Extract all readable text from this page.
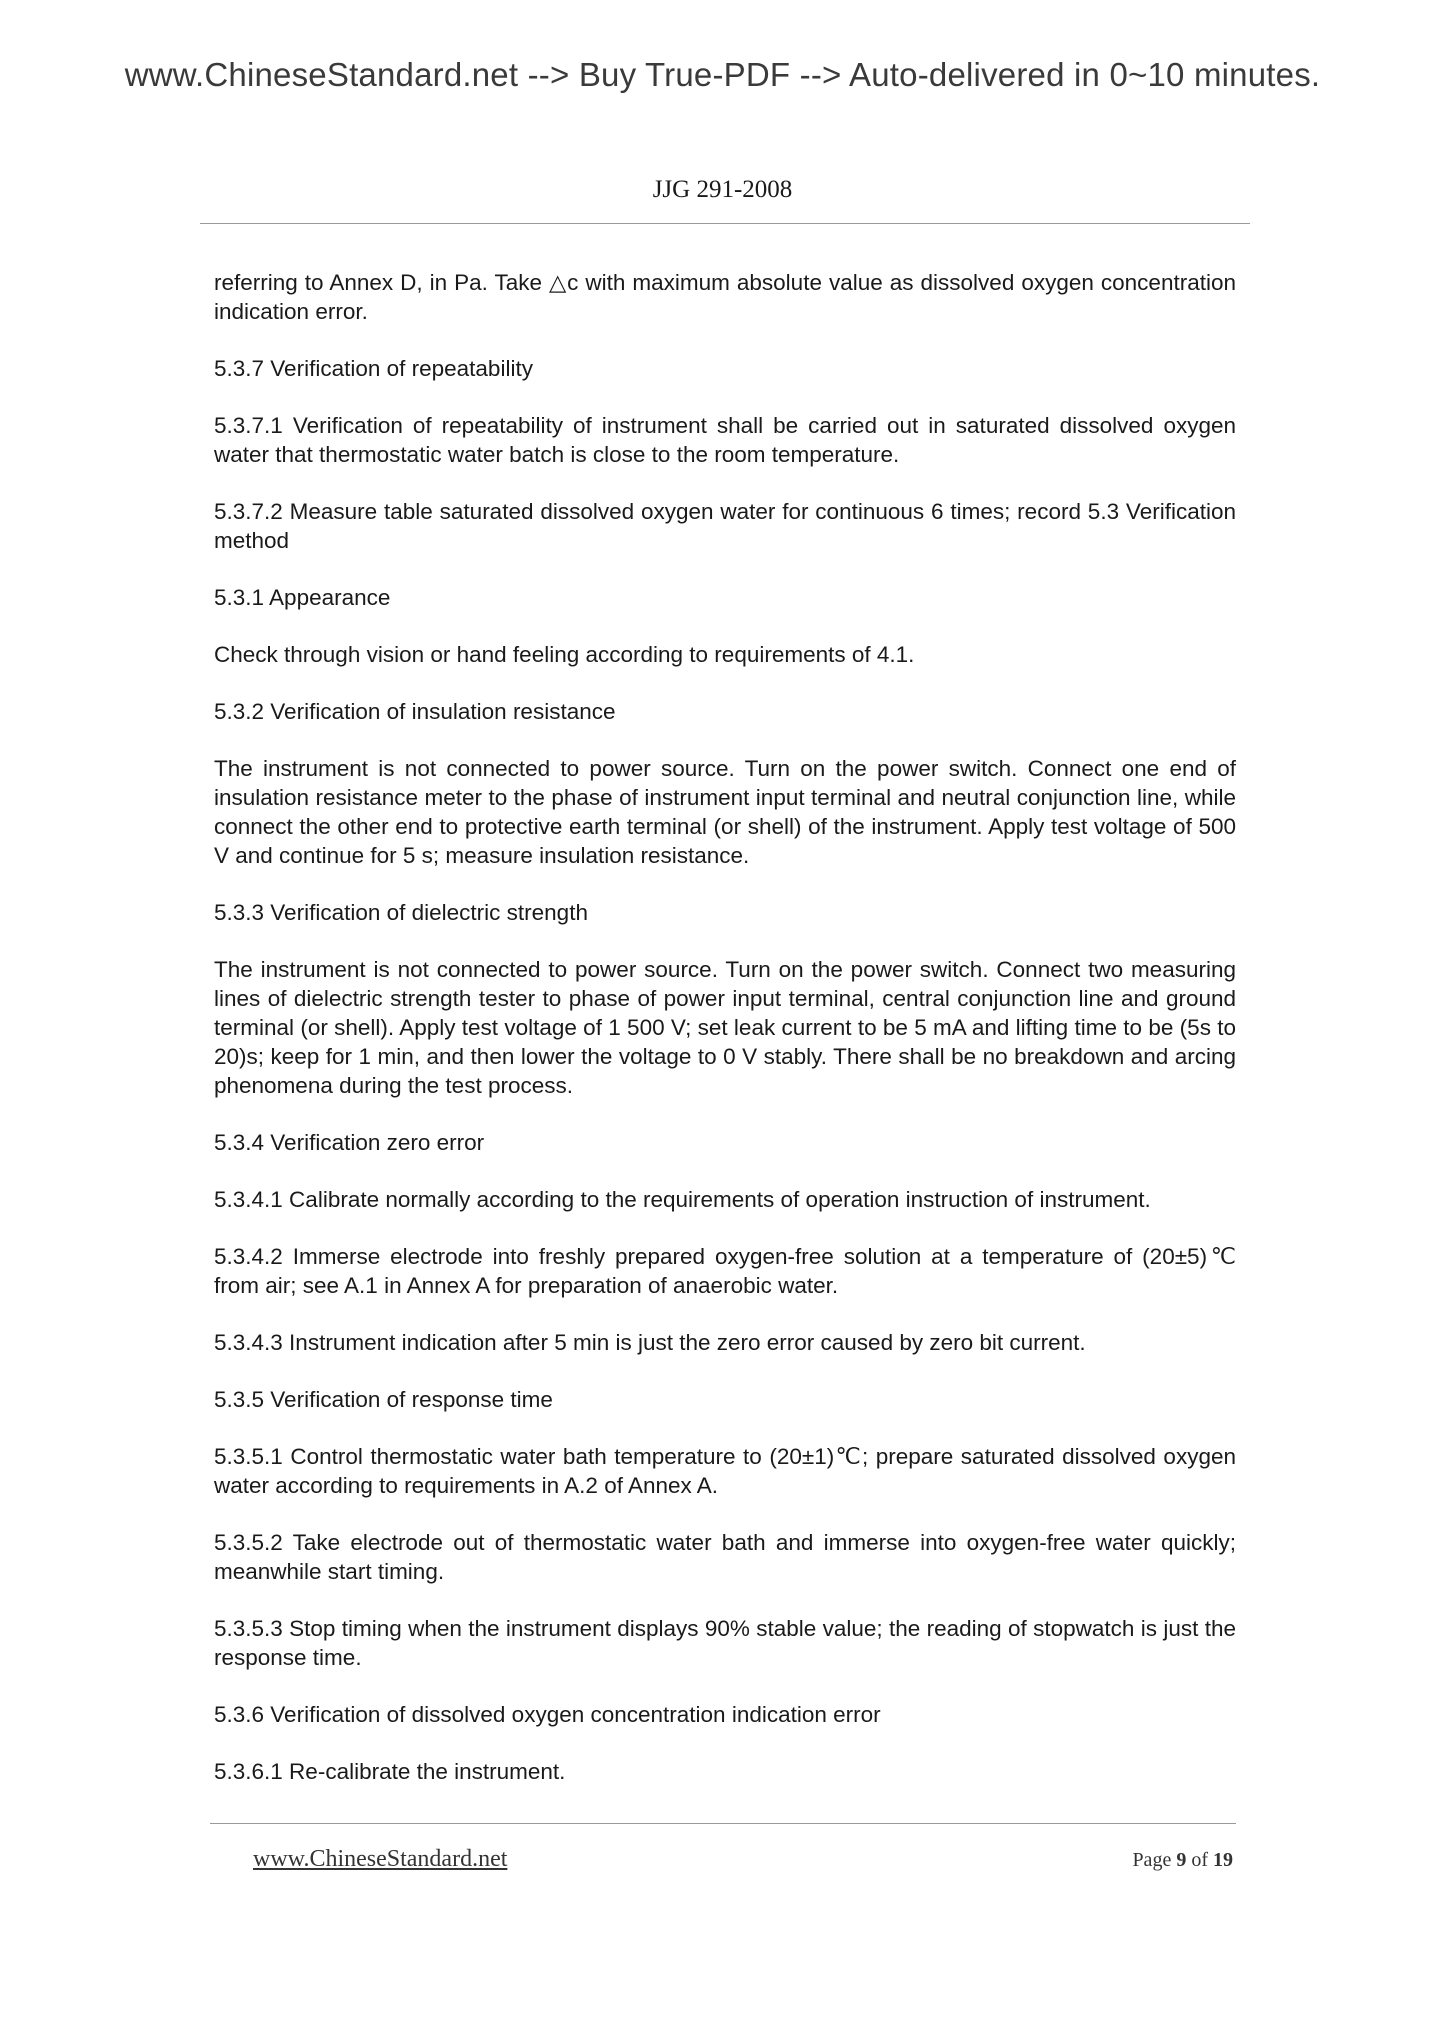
www.ChineseStandard.net --> Buy True-PDF --> Auto-delivered in 0~10 minutes.
JJG 291-2008

referring to Annex D, in Pa. Take △c with maximum absolute value as dissolved oxygen concentration indication error.

5.3.7 Verification of repeatability

5.3.7.1 Verification of repeatability of instrument shall be carried out in saturated dissolved oxygen water that thermostatic water batch is close to the room temperature.

5.3.7.2 Measure table saturated dissolved oxygen water for continuous 6 times; record 5.3 Verification method

5.3.1 Appearance

Check through vision or hand feeling according to requirements of 4.1.

5.3.2 Verification of insulation resistance

The instrument is not connected to power source. Turn on the power switch. Connect one end of insulation resistance meter to the phase of instrument input terminal and neutral conjunction line, while connect the other end to protective earth terminal (or shell) of the instrument. Apply test voltage of 500 V and continue for 5 s; measure insulation resistance.

5.3.3 Verification of dielectric strength

The instrument is not connected to power source. Turn on the power switch. Connect two measuring lines of dielectric strength tester to phase of power input terminal, central conjunction line and ground terminal (or shell). Apply test voltage of 1 500 V; set leak current to be 5 mA and lifting time to be (5s to 20)s; keep for 1 min, and then lower the voltage to 0 V stably. There shall be no breakdown and arcing phenomena during the test process.

5.3.4 Verification zero error

5.3.4.1 Calibrate normally according to the requirements of operation instruction of instrument.

5.3.4.2 Immerse electrode into freshly prepared oxygen-free solution at a temperature of (20±5)℃ from air; see A.1 in Annex A for preparation of anaerobic water.

5.3.4.3 Instrument indication after 5 min is just the zero error caused by zero bit current.

5.3.5 Verification of response time

5.3.5.1 Control thermostatic water bath temperature to (20±1)℃; prepare saturated dissolved oxygen water according to requirements in A.2 of Annex A.

5.3.5.2 Take electrode out of thermostatic water bath and immerse into oxygen-free water quickly; meanwhile start timing.

5.3.5.3 Stop timing when the instrument displays 90% stable value; the reading of stopwatch is just the response time.

5.3.6 Verification of dissolved oxygen concentration indication error

5.3.6.1 Re-calibrate the instrument.

www.ChineseStandard.net	Page 9 of 19
